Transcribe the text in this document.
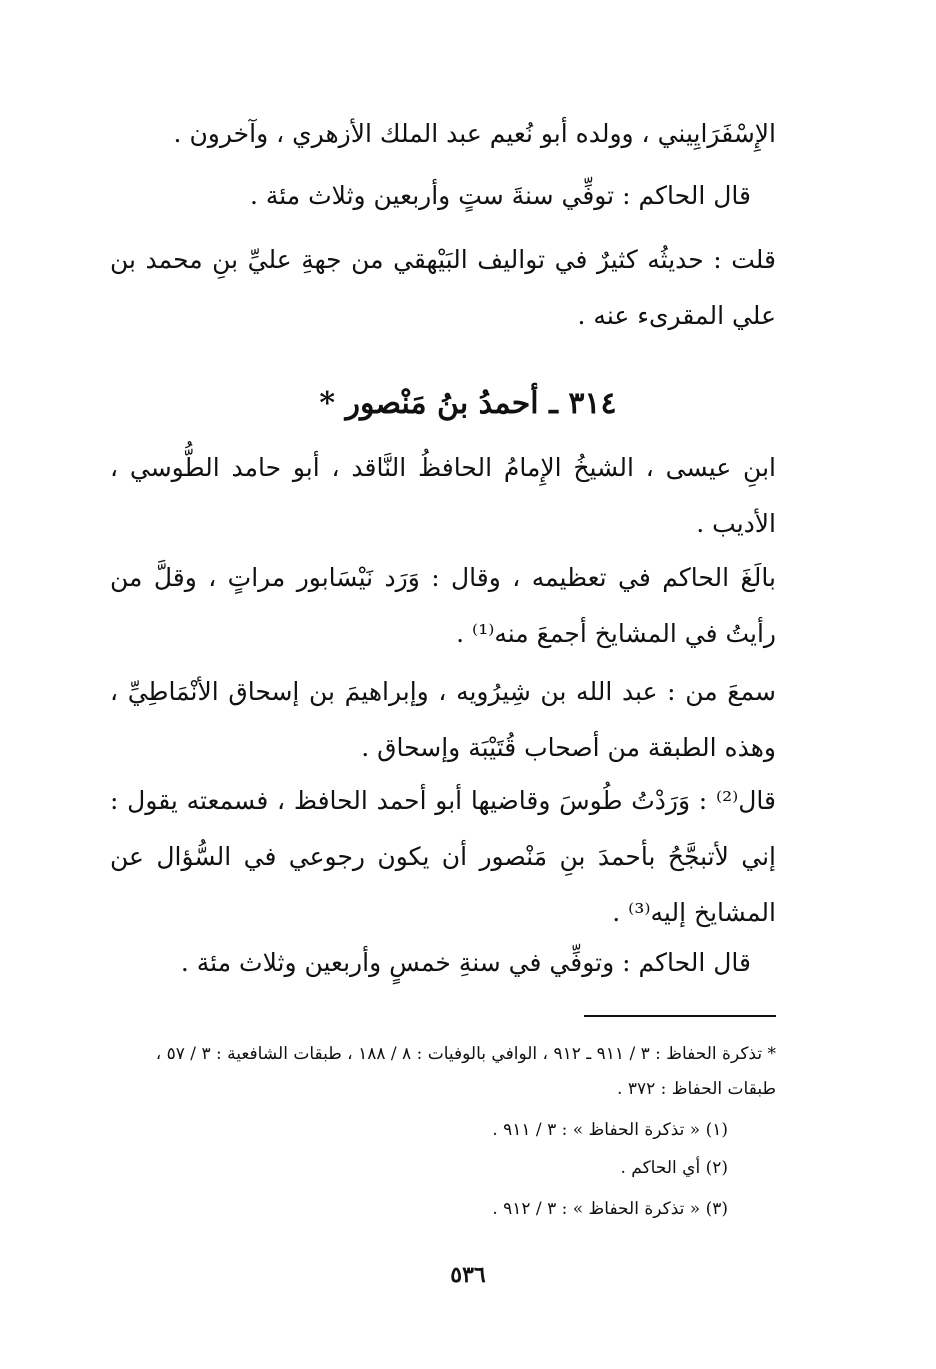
الإِسْفَرَايِيني ، وولده أبو نُعيم عبد الملك الأزهري ، وآخرون .

قال الحاكم : توفِّي سنةَ ستٍ وأربعين وثلاث مئة .

قلت : حديثُه كثيرٌ في تواليف البَيْهقي من جهةِ عليِّ بنِ محمد بن علي المقرىء عنه .

٣١٤ ـ أحمدُ بنُ مَنْصور *

ابنِ عيسى ، الشيخُ الإِمامُ الحافظُ النَّاقد ، أبو حامد الطُّوسي ، الأديب .

بالَغَ الحاكم في تعظيمه ، وقال : وَرَد نَيْسَابور مراتٍ ، وقلَّ من رأيتُ في المشايخ أجمعَ منه⁽¹⁾ .

سمعَ من : عبد الله بن شِيرُويه ، وإبراهيمَ بن إسحاق الأنْمَاطِيِّ ، وهذه الطبقة من أصحاب قُتَيْبَة وإسحاق .

قال⁽²⁾ : وَرَدْتُ طُوسَ وقاضيها أبو أحمد الحافظ ، فسمعته يقول : إني لأتبجَّحُ بأحمدَ بنِ مَنْصور أن يكون رجوعي في السُّؤال عن المشايخ إليه⁽³⁾ .

قال الحاكم : وتوفِّي في سنةِ خمسٍ وأربعين وثلاث مئة .

* تذكرة الحفاظ : ٣ / ٩١١ ـ ٩١٢ ، الوافي بالوفيات : ٨ / ١٨٨ ، طبقات الشافعية : ٣ / ٥٧ ، طبقات الحفاظ : ٣٧٢ .

(١) « تذكرة الحفاظ » : ٣ / ٩١١ .

(٢) أي الحاكم .

(٣) « تذكرة الحفاظ » : ٣ / ٩١٢ .

٥٣٦
